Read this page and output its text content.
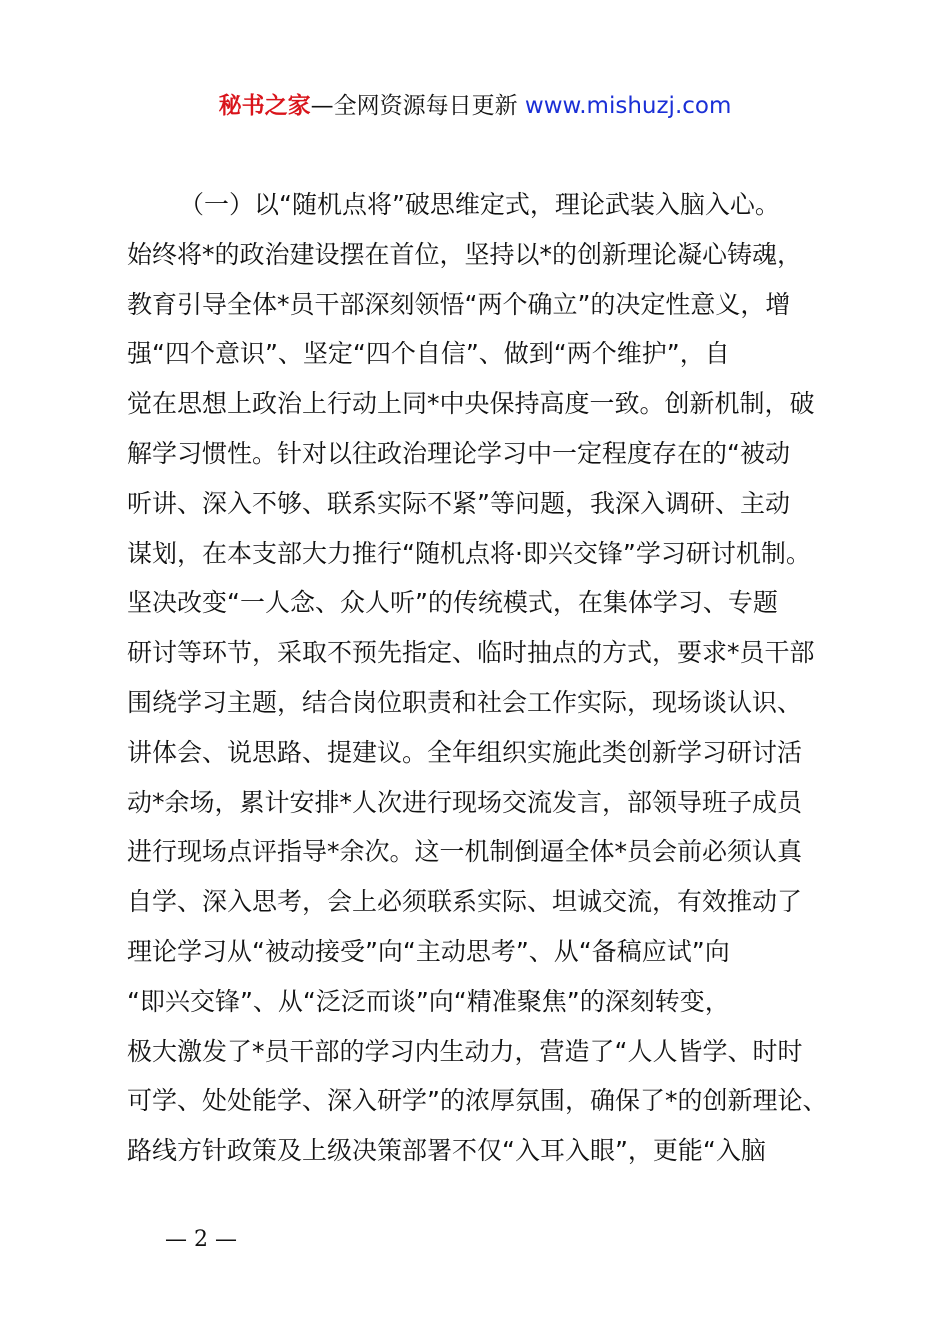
秘书之家—全网资源每日更新 www.mishuzj.com
（一）以“随机点将”破思维定式，理论武装入脑入心。
始终将*的政治建设摆在首位，坚持以*的创新理论凝心铸魂，
教育引导全体*员干部深刻领悟“两个确立”的决定性意义，增
强“四个意识”、坚定“四个自信”、做到“两个维护”，自
觉在思想上政治上行动上同*中央保持高度一致。创新机制，破
解学习惯性。针对以往政治理论学习中一定程度存在的“被动
听讲、深入不够、联系实际不紧”等问题，我深入调研、主动
谋划，在本支部大力推行“随机点将·即兴交锋”学习研讨机制。
坚决改变“一人念、众人听”的传统模式，在集体学习、专题
研讨等环节，采取不预先指定、临时抽点的方式，要求*员干部
围绕学习主题，结合岗位职责和社会工作实际，现场谈认识、
讲体会、说思路、提建议。全年组织实施此类创新学习研讨活
动*余场，累计安排*人次进行现场交流发言，部领导班子成员
进行现场点评指导*余次。这一机制倒逼全体*员会前必须认真
自学、深入思考，会上必须联系实际、坦诚交流，有效推动了
理论学习从“被动接受”向“主动思考”、从“备稿应试”向
“即兴交锋”、从“泛泛而谈”向“精准聚焦”的深刻转变，
极大激发了*员干部的学习内生动力，营造了“人人皆学、时时
可学、处处能学、深入研学”的浓厚氛围，确保了*的创新理论、
路线方针政策及上级决策部署不仅“入耳入眼”，更能“入脑
— 2 —
